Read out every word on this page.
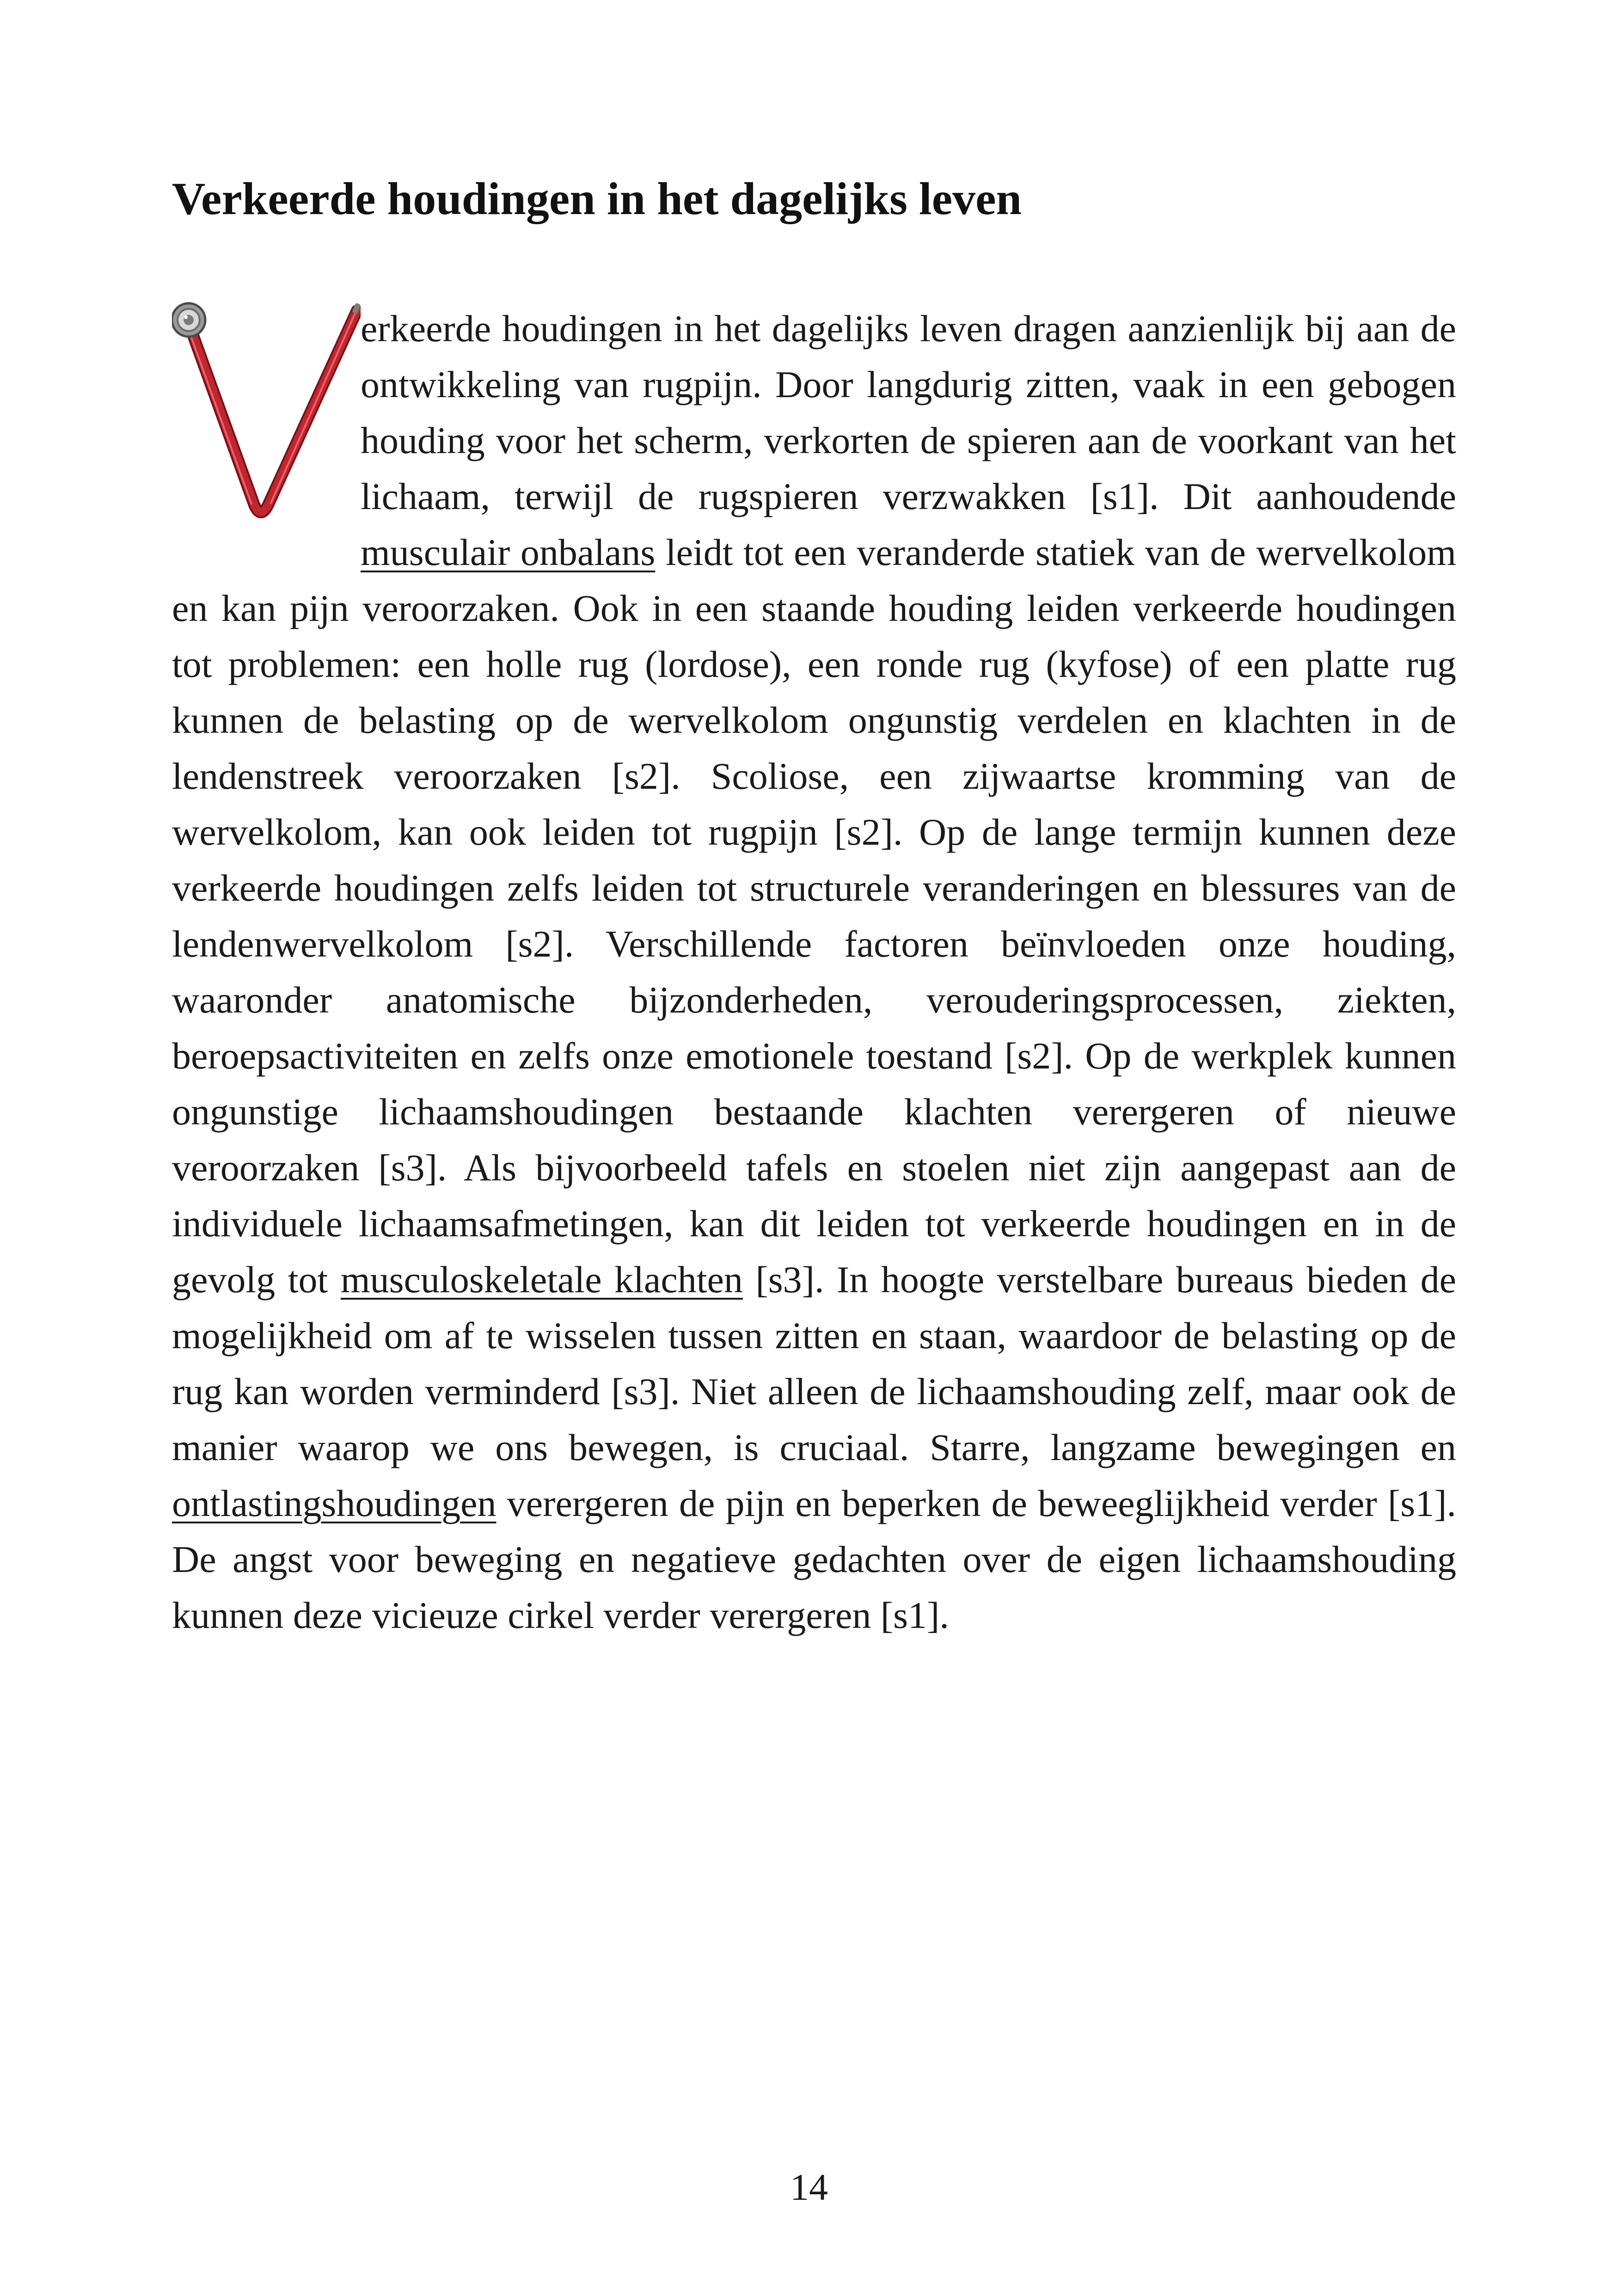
Verkeerde houdingen in het dagelijks leven

erkeerde houdingen in het dagelijks leven dragen aanzienlijk bij aan de ontwikkeling van rugpijn. Door langdurig zitten, vaak in een gebogen houding voor het scherm, verkorten de spieren aan de voorkant van het lichaam, terwijl de rugspieren verzwakken [s1]. Dit aanhoudende musculair onbalans leidt tot een veranderde statiek van de wervelkolom en kan pijn veroorzaken. Ook in een staande houding leiden verkeerde houdingen tot problemen: een holle rug (lordose), een ronde rug (kyfose) of een platte rug kunnen de belasting op de wervelkolom ongunstig verdelen en klachten in de lendenstreek veroorzaken [s2]. Scoliose, een zijwaartse kromming van de wervelkolom, kan ook leiden tot rugpijn [s2]. Op de lange termijn kunnen deze verkeerde houdingen zelfs leiden tot structurele veranderingen en blessures van de lendenwervelkolom [s2]. Verschillende factoren beïnvloeden onze houding, waaronder anatomische bijzonderheden, verouderingsprocessen, ziekten, beroepsactiviteiten en zelfs onze emotionele toestand [s2]. Op de werkplek kunnen ongunstige lichaamshoudingen bestaande klachten verergeren of nieuwe veroorzaken [s3]. Als bijvoorbeeld tafels en stoelen niet zijn aangepast aan de individuele lichaamsafmetingen, kan dit leiden tot verkeerde houdingen en in de gevolg tot musculoskeletale klachten [s3]. In hoogte verstelbare bureaus bieden de mogelijkheid om af te wisselen tussen zitten en staan, waardoor de belasting op de rug kan worden verminderd [s3]. Niet alleen de lichaamshouding zelf, maar ook de manier waarop we ons bewegen, is cruciaal. Starre, langzame bewegingen en ontlastingshoudingen verergeren de pijn en beperken de beweeglijkheid verder [s1]. De angst voor beweging en negatieve gedachten over de eigen lichaamshouding kunnen deze vicieuze cirkel verder verergeren [s1].

14
